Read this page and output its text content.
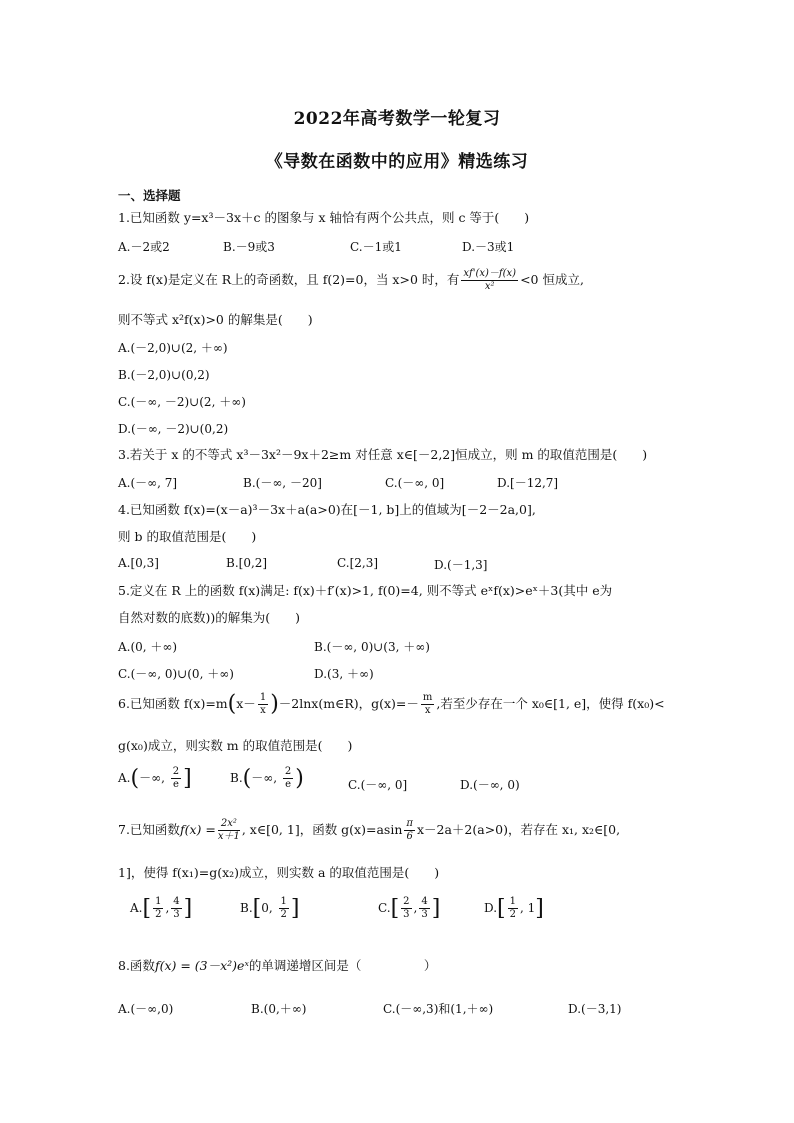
2022年高考数学一轮复习
《导数在函数中的应用》精选练习
一、选择题
1.已知函数 y=x³－3x＋c 的图象与 x 轴恰有两个公共点，则 c 等于(　　)
A.－2或2	B.－9或3	C.－1或1	D.－3或1
2.设 f(x)是定义在 R上的奇函数，且 f(2)=0，当 x>0 时，有 $\frac{xf'(x)-f(x)}{\text{x²}} <0$ 恒成立,
则不等式 x²f(x)>0 的解集是(　　)
A.(－2,0)∪(2, ＋∞)
B.(－2,0)∪(0,2)
C.(－∞, －2)∪(2, ＋∞)
D.(－∞, －2)∪(0,2)
3.若关于 x 的不等式 x³－3x²－9x＋2≥m 对任意 x∈[－2,2]恒成立，则 m 的取值范围是(　　)
A.(－∞, 7]	B.(－∞, －20]	C.(－∞, 0]	D.[－12,7]
4.已知函数 f(x)=(x－a)³－3x＋a(a>0)在[－1, b]上的值域为[－2－2a,0],
则 b 的取值范围是(　　)
A.[0,3]	B.[0,2]	C.[2,3]	D.(－1,3]
5.定义在 R 上的函数 f(x)满足: f(x)＋f′(x)>1, f(0)=4, 则不等式 eˣf(x)>eˣ＋3(其中 e为
自然对数的底数))的解集为(　　)
A.(0, ＋∞)	B.(－∞, 0)∪(3, ＋∞)
C.(－∞, 0)∪(0, ＋∞)	D.(3, ＋∞)
6.已知函数 $f(x)=m(x- \frac{1}{x}$ )－2lnx(m∈R)，$g(x)=- \frac{m}{x}$ ,若至少存在一个 x₀∈[1, e]，使得 f(x₀)<
g(x₀)成立，则实数 m 的取值范围是(　　)
A.(－∞, $\frac{2}{e}$ ]	B.(－∞, $\frac{2}{e}$ )	C.(－∞, 0]	D.(－∞, 0)
7.已知函数$f(x) = \frac{\text{2x²}}{x+1}$ , x∈[0, 1]，函数 $g(x)=asin \frac{\pi}{6} x-2a+2(a>0)$，若存在 x₁, x₂∈[0,
1]，使得 f(x₁)=g(x₂)成立，则实数 a 的取值范围是(　　)
$A.[ \frac{1}{2}$ , $\frac{4}{3}$ ]	B.[0, $\frac{1}{2}$ ]	$C.[ \frac{2}{3}$ , $\frac{4}{3}$ ]	$D.[ \frac{1}{2}$ , 1]
8.函数f(x) = (3－x²)eˣ的单调递增区间是（　　　　　）
A.(－∞,0)	B.(0,＋∞)	C.(－∞,3)和(1,＋∞)	D.(－3,1)
